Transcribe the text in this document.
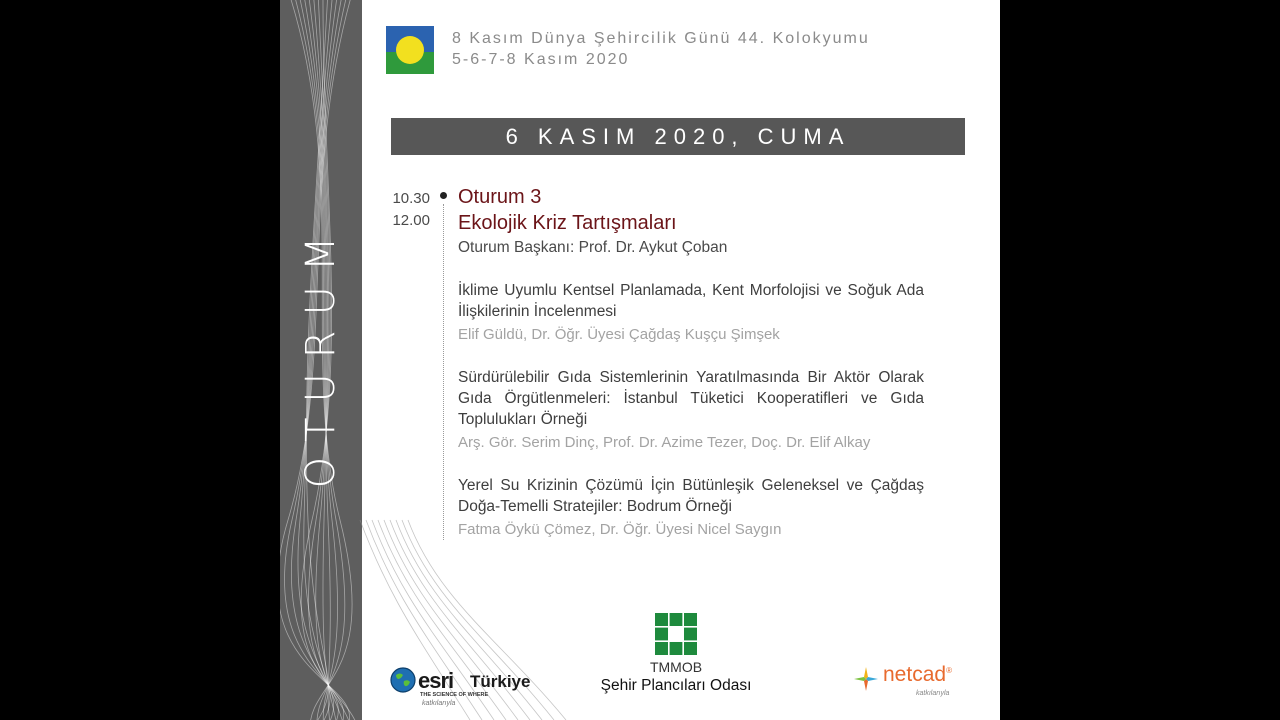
OTURUM
8 Kasım Dünya Şehircilik Günü 44. Kolokyumu
5-6-7-8 Kasım 2020
6 KASIM 2020, CUMA
10.30
12.00
Oturum 3
Ekolojik Kriz Tartışmaları
Oturum Başkanı: Prof. Dr. Aykut Çoban
İklime Uyumlu Kentsel Planlamada, Kent Morfolojisi ve Soğuk Ada İlişkilerinin İncelenmesi
Elif Güldü, Dr. Öğr. Üyesi Çağdaş Kuşçu Şimşek
Sürdürülebilir Gıda Sistemlerinin Yaratılmasında Bir Aktör Olarak Gıda Örgütlenmeleri: İstanbul Tüketici Kooperatifleri ve Gıda Toplulukları Örneği
Arş. Gör. Serim Dinç, Prof. Dr. Azime Tezer, Doç. Dr. Elif Alkay
Yerel Su Krizinin Çözümü İçin Bütünleşik Geleneksel ve Çağdaş Doğa-Temelli Stratejiler: Bodrum Örneği
Fatma Öykü Çömez, Dr. Öğr. Üyesi Nicel Saygın
esri Türkiye
THE SCIENCE OF WHERE
katkılarıyla
TMMOB
Şehir Plancıları Odası	netcad®
katkılarıyla
